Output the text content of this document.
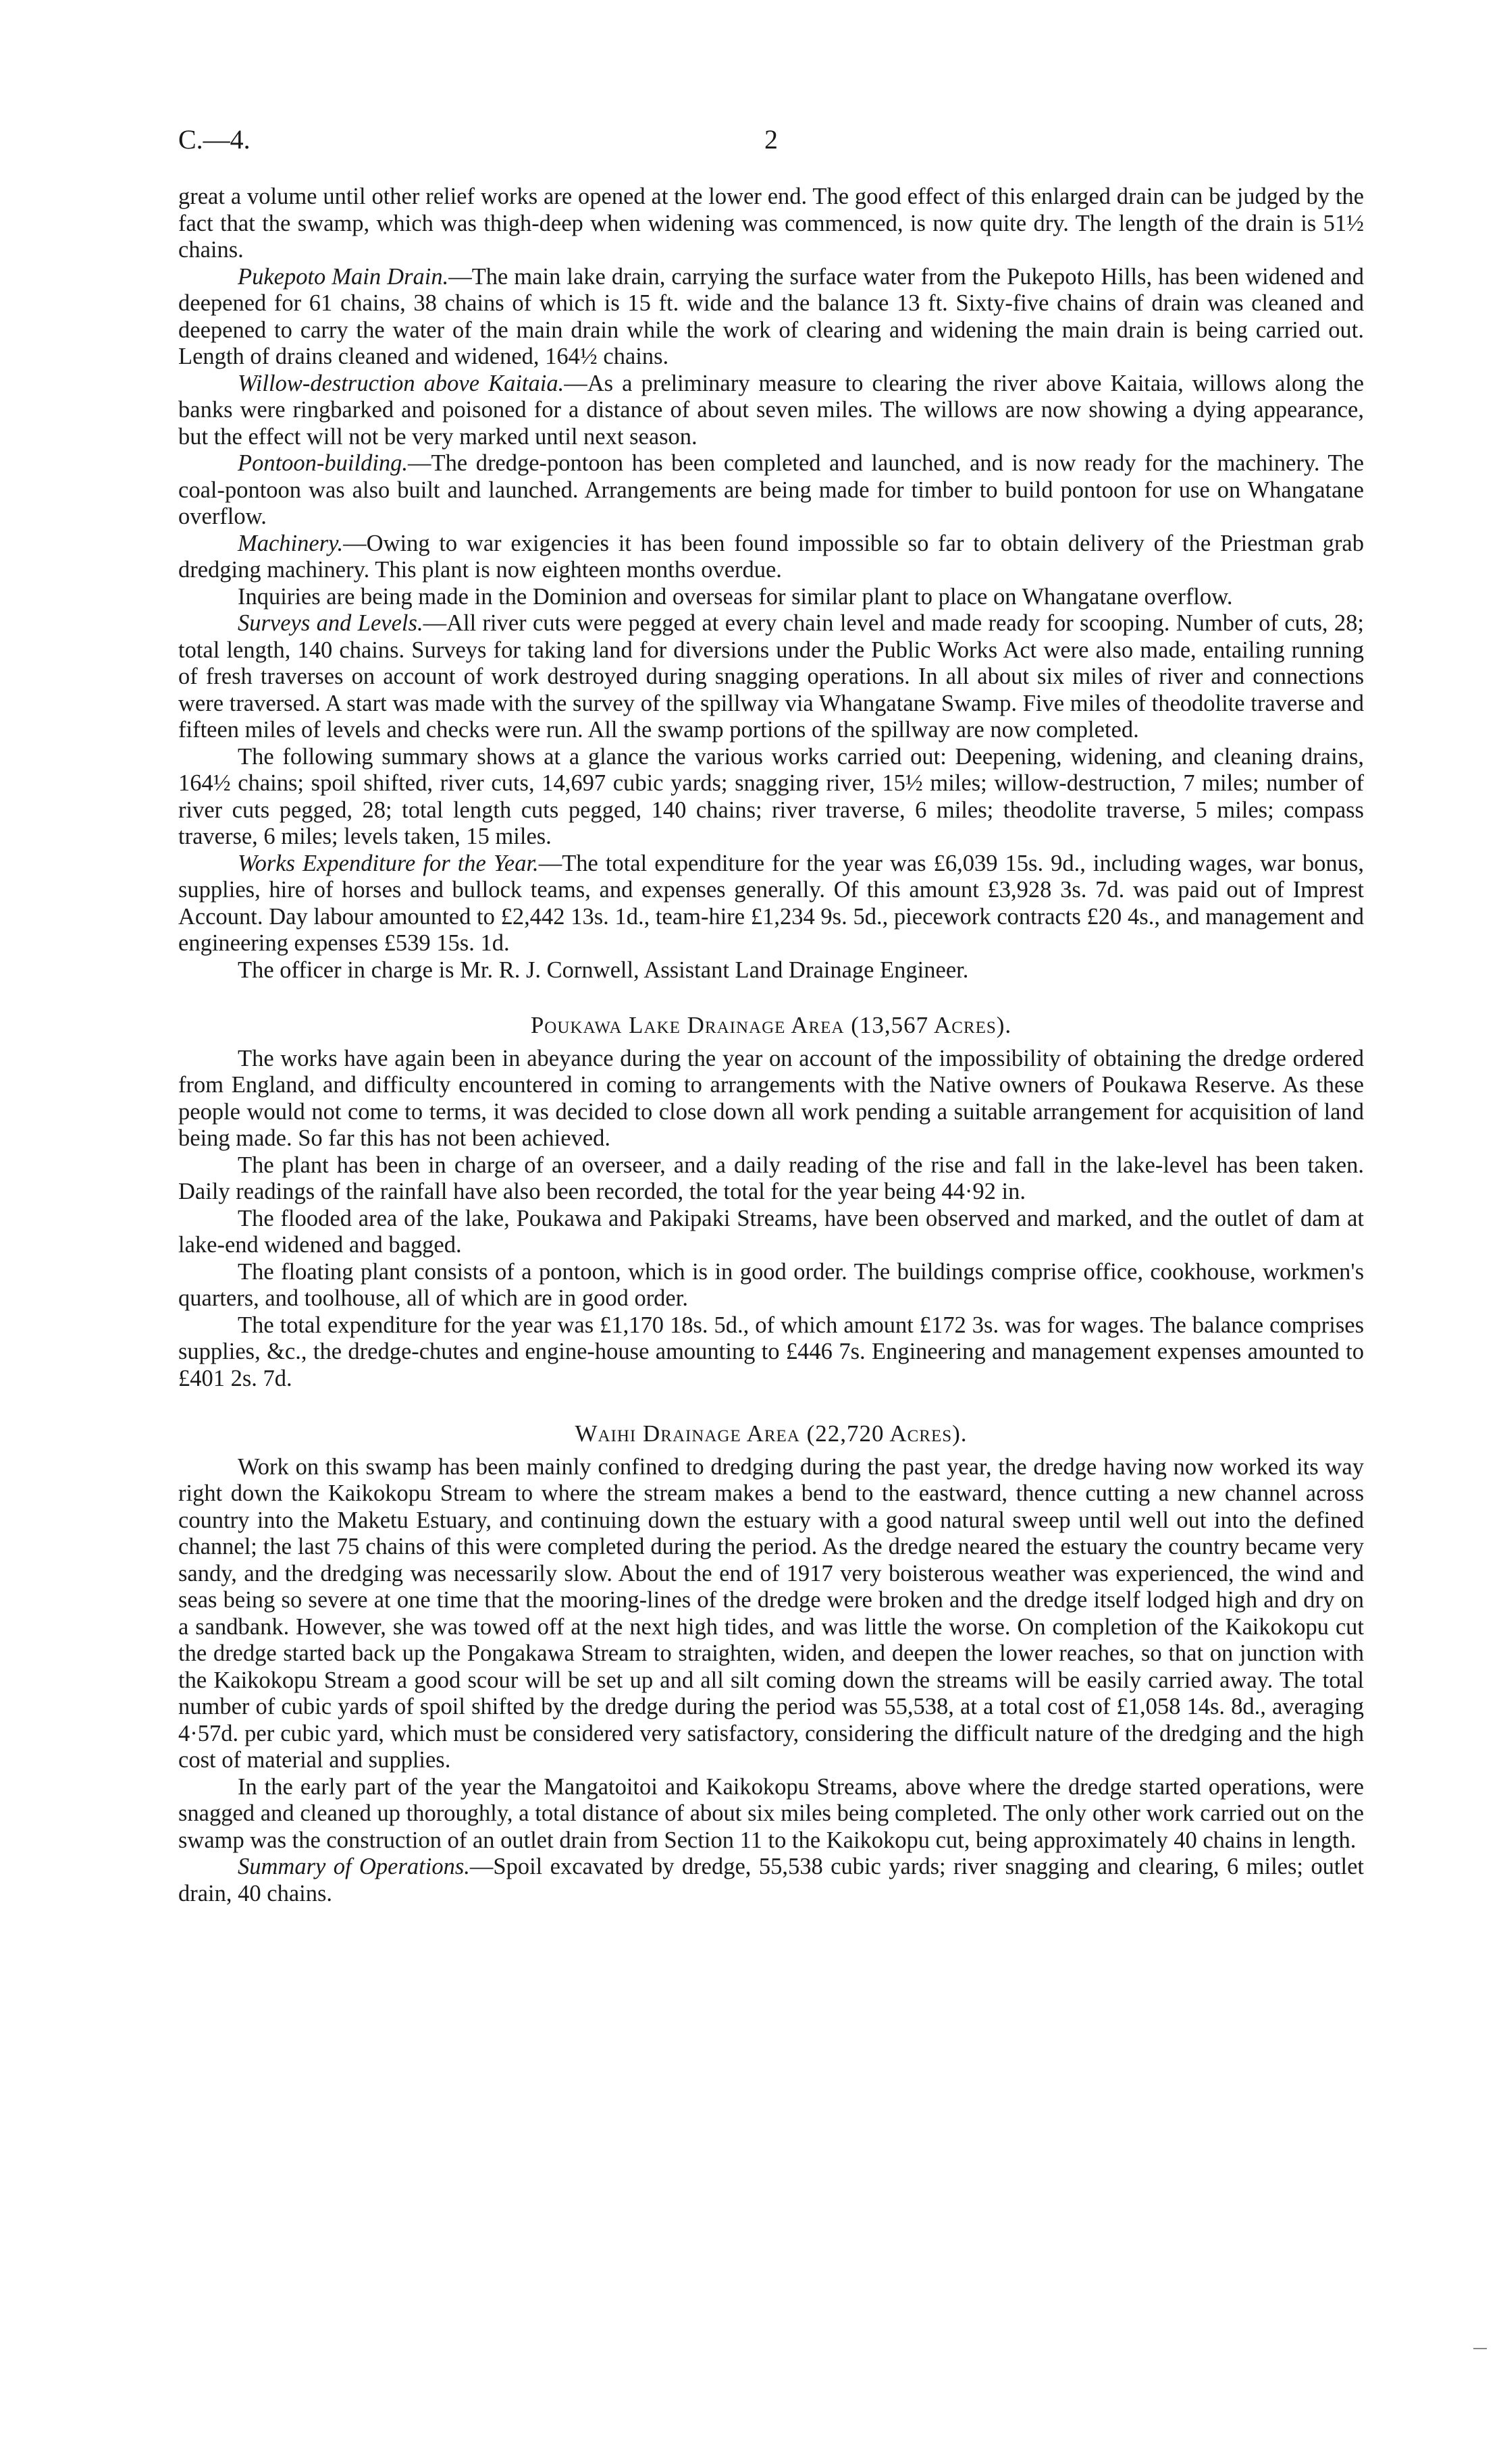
C.—4.	2

great a volume until other relief works are opened at the lower end. The good effect of this enlarged drain can be judged by the fact that the swamp, which was thigh-deep when widening was commenced, is now quite dry. The length of the drain is 51½ chains.

Pukepoto Main Drain.—The main lake drain, carrying the surface water from the Pukepoto Hills, has been widened and deepened for 61 chains, 38 chains of which is 15 ft. wide and the balance 13 ft. Sixty-five chains of drain was cleaned and deepened to carry the water of the main drain while the work of clearing and widening the main drain is being carried out. Length of drains cleaned and widened, 164½ chains.

Willow-destruction above Kaitaia.—As a preliminary measure to clearing the river above Kaitaia, willows along the banks were ringbarked and poisoned for a distance of about seven miles. The willows are now showing a dying appearance, but the effect will not be very marked until next season.

Pontoon-building.—The dredge-pontoon has been completed and launched, and is now ready for the machinery. The coal-pontoon was also built and launched. Arrangements are being made for timber to build pontoon for use on Whangatane overflow.

Machinery.—Owing to war exigencies it has been found impossible so far to obtain delivery of the Priestman grab dredging machinery. This plant is now eighteen months overdue.

Inquiries are being made in the Dominion and overseas for similar plant to place on Whangatane overflow.

Surveys and Levels.—All river cuts were pegged at every chain level and made ready for scooping. Number of cuts, 28; total length, 140 chains. Surveys for taking land for diversions under the Public Works Act were also made, entailing running of fresh traverses on account of work destroyed during snagging operations. In all about six miles of river and connections were traversed. A start was made with the survey of the spillway via Whangatane Swamp. Five miles of theodolite traverse and fifteen miles of levels and checks were run. All the swamp portions of the spillway are now completed.

The following summary shows at a glance the various works carried out: Deepening, widening, and cleaning drains, 164½ chains; spoil shifted, river cuts, 14,697 cubic yards; snagging river, 15½ miles; willow-destruction, 7 miles; number of river cuts pegged, 28; total length cuts pegged, 140 chains; river traverse, 6 miles; theodolite traverse, 5 miles; compass traverse, 6 miles; levels taken, 15 miles.

Works Expenditure for the Year.—The total expenditure for the year was £6,039 15s. 9d., including wages, war bonus, supplies, hire of horses and bullock teams, and expenses generally. Of this amount £3,928 3s. 7d. was paid out of Imprest Account. Day labour amounted to £2,442 13s. 1d., team-hire £1,234 9s. 5d., piecework contracts £20 4s., and management and engineering expenses £539 15s. 1d.

The officer in charge is Mr. R. J. Cornwell, Assistant Land Drainage Engineer.

Poukawa Lake Drainage Area (13,567 Acres).

The works have again been in abeyance during the year on account of the impossibility of obtaining the dredge ordered from England, and difficulty encountered in coming to arrangements with the Native owners of Poukawa Reserve. As these people would not come to terms, it was decided to close down all work pending a suitable arrangement for acquisition of land being made. So far this has not been achieved.

The plant has been in charge of an overseer, and a daily reading of the rise and fall in the lake-level has been taken. Daily readings of the rainfall have also been recorded, the total for the year being 44·92 in.

The flooded area of the lake, Poukawa and Pakipaki Streams, have been observed and marked, and the outlet of dam at lake-end widened and bagged.

The floating plant consists of a pontoon, which is in good order. The buildings comprise office, cookhouse, workmen's quarters, and toolhouse, all of which are in good order.

The total expenditure for the year was £1,170 18s. 5d., of which amount £172 3s. was for wages. The balance comprises supplies, &c., the dredge-chutes and engine-house amounting to £446 7s. Engineering and management expenses amounted to £401 2s. 7d.

Waihi Drainage Area (22,720 Acres).

Work on this swamp has been mainly confined to dredging during the past year, the dredge having now worked its way right down the Kaikokopu Stream to where the stream makes a bend to the eastward, thence cutting a new channel across country into the Maketu Estuary, and continuing down the estuary with a good natural sweep until well out into the defined channel; the last 75 chains of this were completed during the period. As the dredge neared the estuary the country became very sandy, and the dredging was necessarily slow. About the end of 1917 very boisterous weather was experienced, the wind and seas being so severe at one time that the mooring-lines of the dredge were broken and the dredge itself lodged high and dry on a sandbank. However, she was towed off at the next high tides, and was little the worse. On completion of the Kaikokopu cut the dredge started back up the Pongakawa Stream to straighten, widen, and deepen the lower reaches, so that on junction with the Kaikokopu Stream a good scour will be set up and all silt coming down the streams will be easily carried away. The total number of cubic yards of spoil shifted by the dredge during the period was 55,538, at a total cost of £1,058 14s. 8d., averaging 4·57d. per cubic yard, which must be considered very satisfactory, considering the difficult nature of the dredging and the high cost of material and supplies.

In the early part of the year the Mangatoitoi and Kaikokopu Streams, above where the dredge started operations, were snagged and cleaned up thoroughly, a total distance of about six miles being completed. The only other work carried out on the swamp was the construction of an outlet drain from Section 11 to the Kaikokopu cut, being approximately 40 chains in length.

Summary of Operations.—Spoil excavated by dredge, 55,538 cubic yards; river snagging and clearing, 6 miles; outlet drain, 40 chains.
